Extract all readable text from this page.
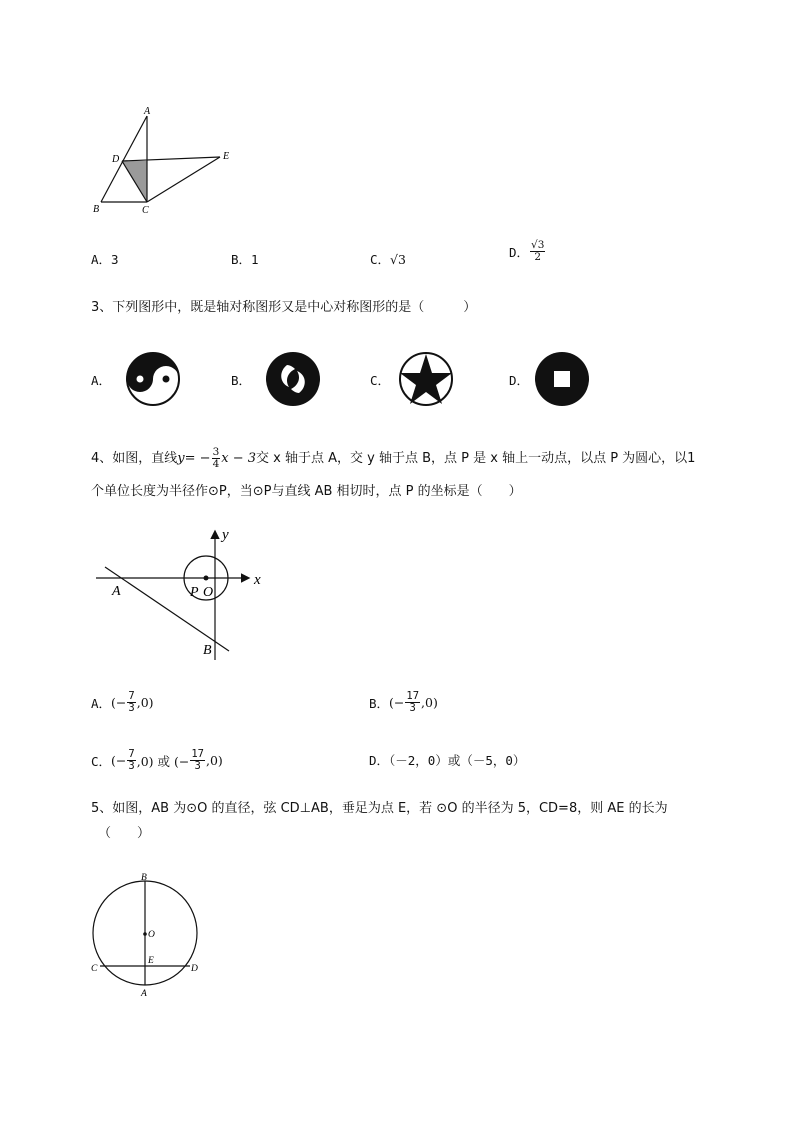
A
D	E
B	C
A．3	B．1	C．√3	D． $\frac{√3}{2}$
3、下列图形中，既是轴对称图形又是中心对称图形的是（　　　）
A．	B．	C．	D．
4、如图，直线 y = − $\frac{3}{4}$ x − 3 交 x 轴于点 A，交 y 轴于点 B，点 P 是 x 轴上一动点，以点 P 为圆心，以1
个单位长度为半径作⊙P，当⊙P与直线 AB 相切时，点 P 的坐标是（　　）
y
x
A	P O
B
A． (− $\frac{7}{3} ,0$)	B． (− $\frac{17}{3} ,0$)
C． (− $\frac{7}{3} ,0$) 或 (− $\frac{17}{3} ,0$)	D．（－2，0）或（－5，0）
5、如图，AB 为⊙O 的直径，弦 CD⊥AB，垂足为点 E，若 ⊙O 的半径为 5，CD=8，则 AE 的长为
（　　）
B
O
E
C	D
A
